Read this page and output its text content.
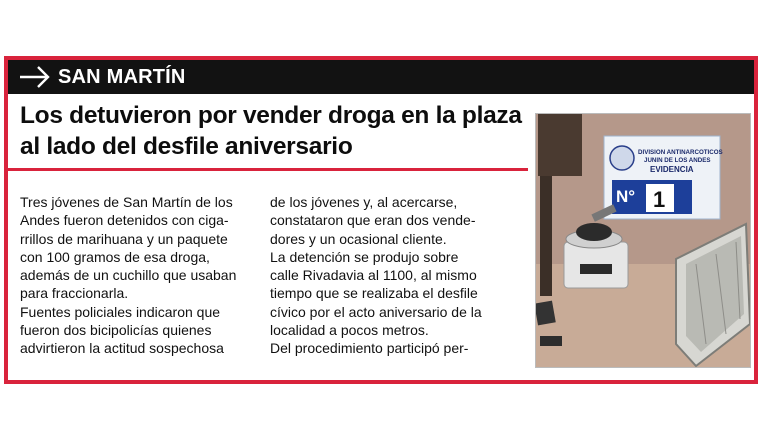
SAN MARTÍN
Los detuvieron por vender droga en la plaza al lado del desfile aniversario

Tres jóvenes de San Martín de los

Andes fueron detenidos con ciga-

rrillos de marihuana y un paquete

con 100 gramos de esa droga,

además de un cuchillo que usaban

para fraccionarla.

Fuentes policiales indicaron que

fueron dos bicipolicías quienes

advirtieron la actitud sospechosa

de los jóvenes y, al acercarse,

constataron que eran dos vende-

dores y un ocasional cliente.

La detención se produjo sobre

calle Rivadavia al 1100, al mismo

tiempo que se realizaba el desfile

cívico por el acto aniversario de la

localidad a pocos metros.

Del procedimiento participó per-

DIVISION ANTINARCOTICOS
JUNIN DE LOS ANDES
EVIDENCIA
N° 1
